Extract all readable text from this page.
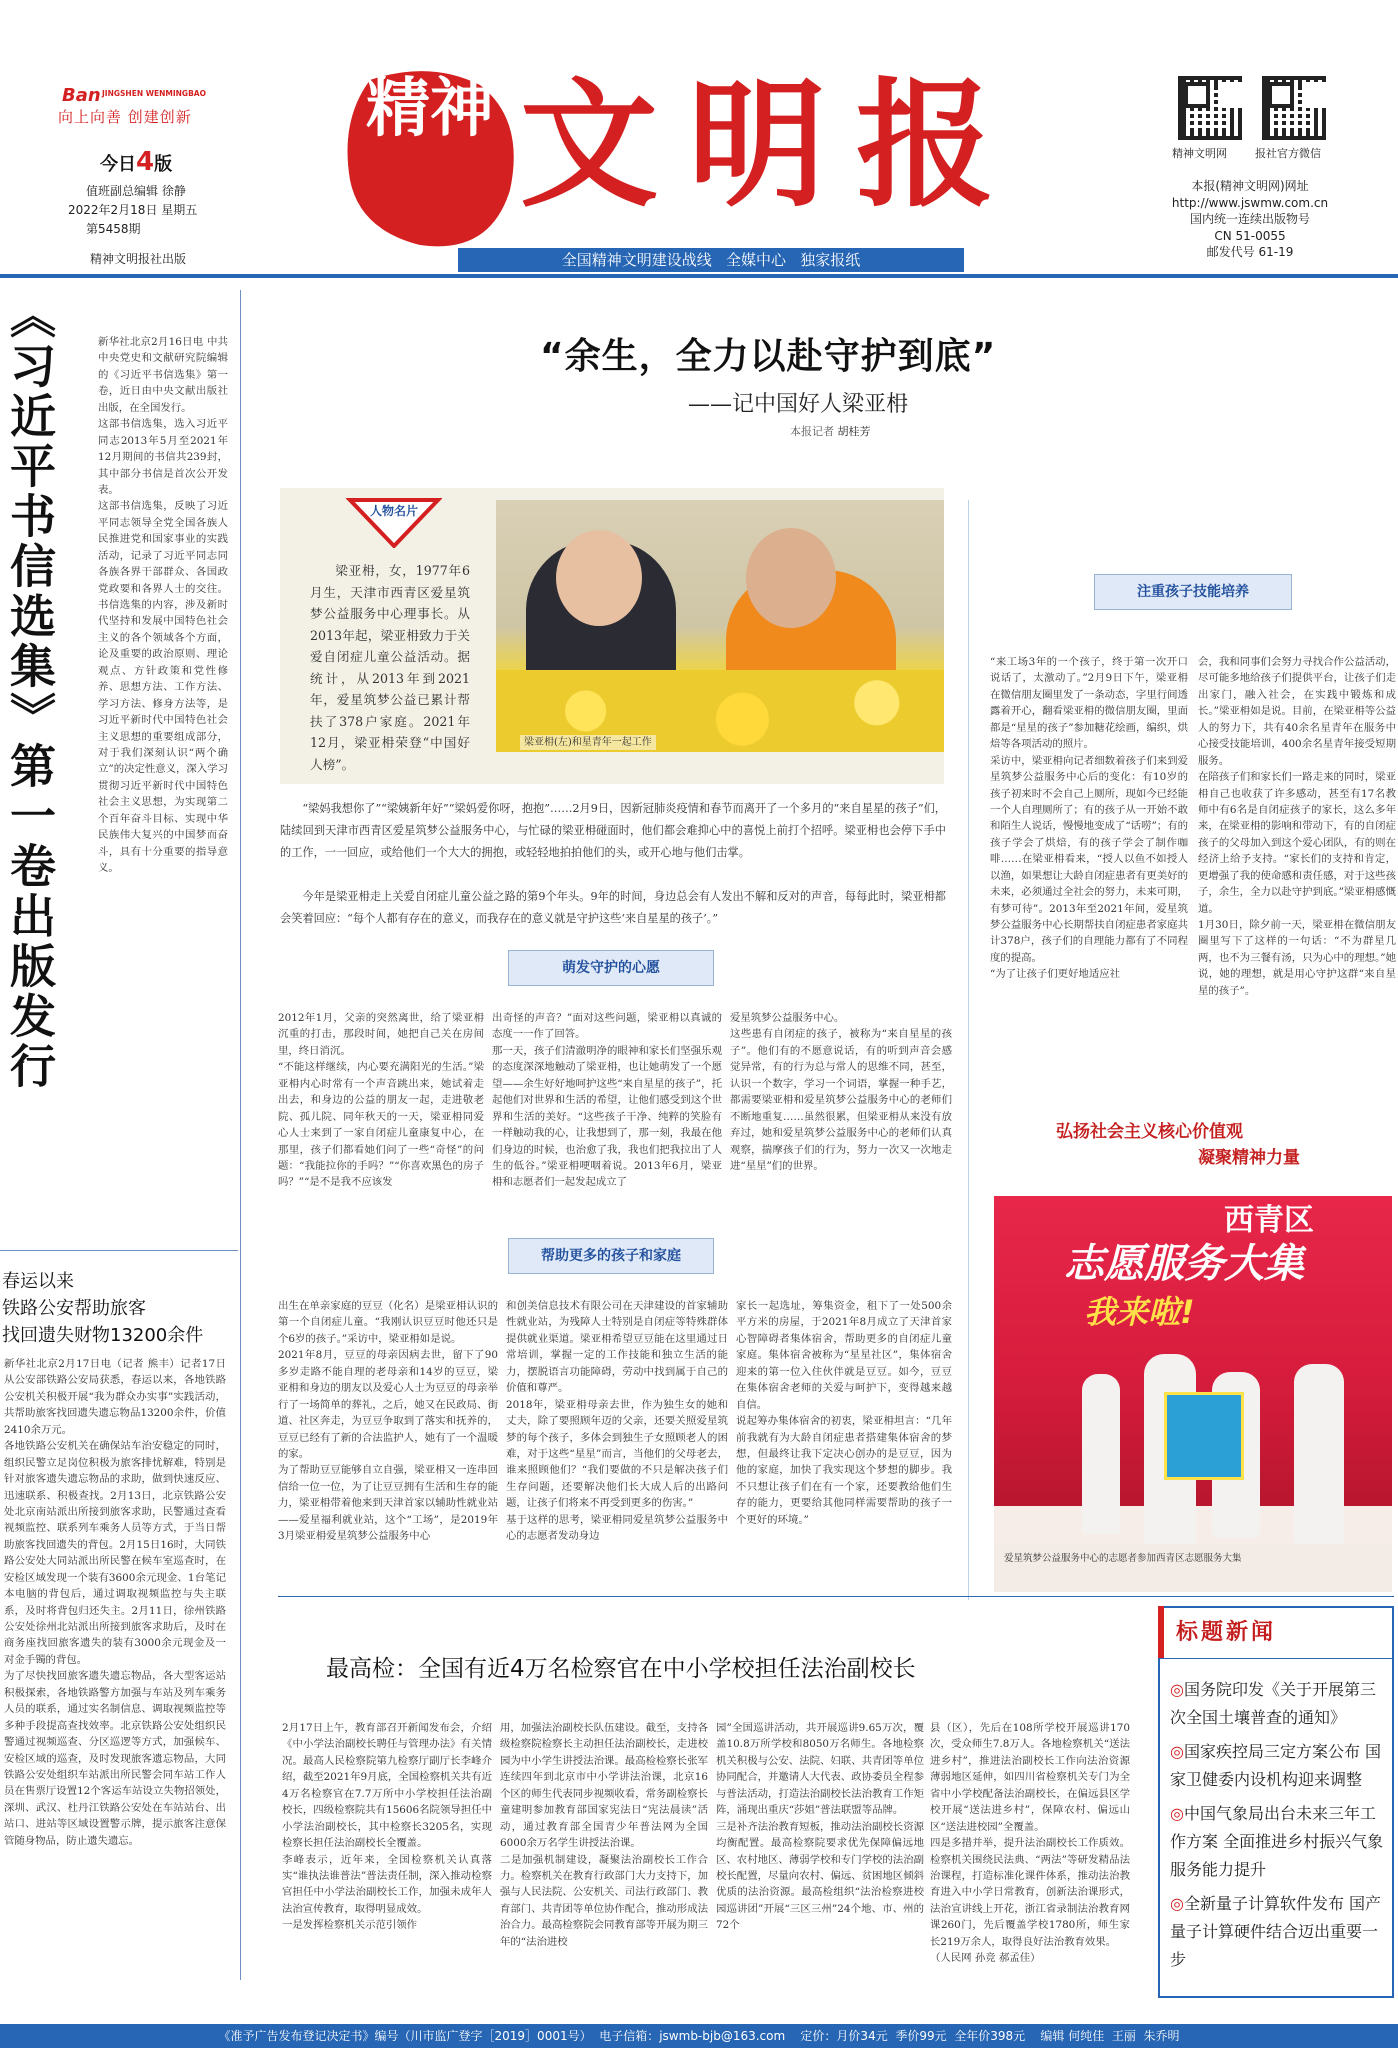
Ban JINGSHEN WENMINGBAO
向上向善 创建创新
今日4版
值班副总编辑 徐静
2022年2月18日 星期五
第5458期
精神文明报社出版
精神 文明报	精神文明网	报社官方微信
本报(精神文明网)网址
http://www.jswmw.com.cn
国内统一连续出版物号
CN 51-0055
邮发代号 61-19
全国精神文明建设战线   全媒中心   独家报纸
《习近平书信选集》第一卷出版发行	新华社北京2月16日电 中共中央党史和文献研究院编辑的《习近平书信选集》第一卷，近日由中央文献出版社出版，在全国发行。
这部书信选集，选入习近平同志2013年5月至2021年12月期间的书信共239封，其中部分书信是首次公开发表。
这部书信选集，反映了习近平同志领导全党全国各族人民推进党和国家事业的实践活动，记录了习近平同志同各族各界干部群众、各国政党政要和各界人士的交往。书信选集的内容，涉及新时代坚持和发展中国特色社会主义的各个领域各个方面，论及重要的政治原则、理论观点、方针政策和党性修养、思想方法、工作方法、学习方法、修身方法等，是习近平新时代中国特色社会主义思想的重要组成部分，对于我们深刻认识“两个确立”的决定性意义，深入学习贯彻习近平新时代中国特色社会主义思想，为实现第二个百年奋斗目标、实现中华民族伟大复兴的中国梦而奋斗，具有十分重要的指导意义。
春运以来
铁路公安帮助旅客
找回遗失财物13200余件
新华社北京2月17日电（记者 熊丰）记者17日从公安部铁路公安局获悉，春运以来，各地铁路公安机关积极开展“我为群众办实事”实践活动，共帮助旅客找回遗失遗忘物品13200余件，价值2410余万元。
各地铁路公安机关在确保站车治安稳定的同时，组织民警立足岗位积极为旅客排忧解难，特别是针对旅客遗失遗忘物品的求助，做到快速反应、迅速联系、积极查找。2月13日，北京铁路公安处北京南站派出所接到旅客求助，民警通过查看视频监控、联系列车乘务人员等方式，于当日帮助旅客找回遗失的背包。2月15日16时，大同铁路公安处大同站派出所民警在候车室巡查时，在安检区域发现一个装有3600余元现金、1台笔记本电脑的背包后，通过调取视频监控与失主联系，及时将背包归还失主。2月11日，徐州铁路公安处徐州北站派出所接到旅客求助后，及时在商务座找回旅客遗失的装有3000余元现金及一对金手镯的背包。
为了尽快找回旅客遗失遗忘物品，各大型客运站积极探索，各地铁路警方加强与车站及列车乘务人员的联系，通过实名制信息、调取视频监控等多种手段提高查找效率。北京铁路公安处组织民警通过视频巡查、分区巡逻等方式，加强候车、安检区域的巡查，及时发现旅客遗忘物品，大同铁路公安处组织车站派出所民警会同车站工作人员在售票厅设置12个客运车站设立失物招领处，深圳、武汉、杜丹江铁路公安处在车站站台、出站口、进站等区域设置警示牌，提示旅客注意保管随身物品，防止遗失遗忘。
“余生，全力以赴守护到底”
——记中国好人梁亚枏
本报记者 胡桂芳
人物名片
梁亚枏，女，1977年6月生，天津市西青区爱星筑梦公益服务中心理事长。从2013年起，梁亚枏致力于关爱自闭症儿童公益活动。据统计，从2013年到2021年，爱星筑梦公益已累计帮扶了378户家庭。2021年12月，梁亚枏荣登“中国好人榜”。
梁亚枏(左)和星青年一起工作
“梁妈我想你了”“梁姨新年好”“梁妈爱你呀，抱抱”……2月9日，因新冠肺炎疫情和春节而离开了一个多月的“来自星星的孩子”们，陆续回到天津市西青区爱星筑梦公益服务中心，与忙碌的梁亚枏碰面时，他们都会难抑心中的喜悦上前打个招呼。梁亚枏也会停下手中的工作，一一回应，或给他们一个大大的拥抱，或轻轻地拍拍他们的头，或开心地与他们击掌。
今年是梁亚枏走上关爱自闭症儿童公益之路的第9个年头。9年的时间，身边总会有人发出不解和反对的声音，每每此时，梁亚枏都会笑着回应：“每个人都有存在的意义，而我存在的意义就是守护这些‘来自星星的孩子’。”
萌发守护的心愿
2012年1月，父亲的突然离世，给了梁亚枏沉重的打击，那段时间，她把自己关在房间里，终日消沉。
“不能这样继续，内心要充满阳光的生活。”梁亚枏内心时常有一个声音跳出来，她试着走出去，和身边的公益的朋友一起，走进敬老院、孤儿院、同年秋天的一天，梁亚枏同爱心人士来到了一家自闭症儿童康复中心，在那里，孩子们都看她们问了一些“奇怪”的问题：“我能拉你的手吗？”“你喜欢黑色的房子吗？”“是不是我不应该发
出奇怪的声音？”面对这些问题，梁亚枏以真诚的态度一一作了回答。
那一天，孩子们清澈明净的眼神和家长们坚强乐观的态度深深地触动了梁亚枏，也让她萌发了一个愿望——余生好好地呵护这些“来自星星的孩子”，托起他们对世界和生活的希望，让他们感受到这个世界和生活的美好。“这些孩子干净、纯粹的笑脸有一样触动我的心，让我想到了，那一刻，我最在他们身边的时候，也治愈了我，我也们把我拉出了人生的低谷。”梁亚枏哽咽着说。2013年6月，梁亚枏和志愿者们一起发起成立了
爱星筑梦公益服务中心。
这些患有自闭症的孩子，被称为“来自星星的孩子”。他们有的不愿意说话，有的听到声音会感觉异常，有的行为总与常人的思维不同，甚至，认识一个数字，学习一个词语，掌握一种手艺，都需要梁亚枏和爱星筑梦公益服务中心的老师们不断地重复……虽然很累，但梁亚枏从来没有放弃过，她和爱星筑梦公益服务中心的老师们认真观察，揣摩孩子们的行为，努力一次又一次地走进“星星”们的世界。
帮助更多的孩子和家庭
出生在单亲家庭的豆豆（化名）是梁亚枏认识的第一个自闭症儿童。“我刚认识豆豆时他还只是个6岁的孩子。”采访中，梁亚枏如是说。
2021年8月，豆豆的母亲因病去世，留下了90多岁走路不能自理的老母亲和14岁的豆豆，梁亚枏和身边的朋友以及爱心人士为豆豆的母亲举行了一场简单的葬礼，之后，她又在民政局、街道、社区奔走，为豆豆争取到了落实和抚养的，豆豆已经有了新的合法监护人，她有了一个温暖的家。
为了帮助豆豆能够自立自强，梁亚枏又一连串回信给一位一位，为了让豆豆拥有生活和生存的能力，梁亚枏带着他来到天津首家以辅助性就业站——爱星福利就业站，这个“工场”，是2019年3月梁亚枏爱星筑梦公益服务中心
和创美信息技术有限公司在天津建设的首家辅助性就业站，为残障人士特别是自闭症等特殊群体提供就业渠道。梁亚枏希望豆豆能在这里通过日常培训，掌握一定的工作技能和独立生活的能力，摆脱语言功能障碍，劳动中找到属于自己的价值和尊严。
2018年，梁亚枏母亲去世，作为独生女的她和丈夫，除了要照顾年迈的父亲，还要关照爱星筑梦的每个孩子，多体会到独生子女照顾老人的困难，对于这些“星星”而言，当他们的父母老去，谁来照顾他们？“我们要做的不只是解决孩子们生存问题，还要解决他们长大成人后的出路问题，让孩子们将来不再受到更多的伤害。”
基于这样的思考，梁亚枏同爱星筑梦公益服务中心的志愿者发动身边
家长一起选址，筹集资金，租下了一处500余平方米的房屋，于2021年8月成立了天津首家心智障碍者集体宿舍，帮助更多的自闭症儿童家庭。集体宿舍被称为“星星社区”，集体宿舍迎来的第一位入住伙伴就是豆豆。如今，豆豆在集体宿舍老师的关爱与呵护下，变得越来越自信。
说起筹办集体宿舍的初衷，梁亚枏坦言：“几年前我就有为大龄自闭症患者搭建集体宿舍的梦想，但最终让我下定决心创办的是豆豆，因为他的家庭，加快了我实现这个梦想的脚步。我不只想让孩子们在有一个家，还要教给他们生存的能力，更要给其他同样需要帮助的孩子一个更好的环境。”
注重孩子技能培养
“来工场3年的一个孩子，终于第一次开口说话了，太激动了。”2月9日下午，梁亚枏在微信朋友圈里发了一条动态，字里行间透露着开心，翻看梁亚枏的微信朋友圈，里面都是“星星的孩子”参加糖花绘画，编织，烘焙等各项活动的照片。
采访中，梁亚枏向记者细数着孩子们来到爱星筑梦公益服务中心后的变化：有10岁的孩子初来时不会自己上厕所，现如今已经能一个人自理厕所了；有的孩子从一开始不敢和陌生人说话，慢慢地变成了“话唠”；有的孩子学会了烘焙，有的孩子学会了制作咖啡……在梁亚枏看来，“授人以鱼不如授人以渔，如果想让大龄自闭症患者有更美好的未来，必须通过全社会的努力，未来可期，有梦可待”。2013年至2021年间，爱星筑梦公益服务中心长期帮扶自闭症患者家庭共计378户，孩子们的自理能力都有了不同程度的提高。
“为了让孩子们更好地适应社
会，我和同事们会努力寻找合作公益活动，尽可能多地给孩子们提供平台，让孩子们走出家门，融入社会，在实践中锻炼和成长。”梁亚枏如是说。目前，在梁亚枏等公益人的努力下，共有40余名星青年在服务中心接受技能培训，400余名星青年接受短期服务。
在陪孩子们和家长们一路走来的同时，梁亚枏自己也收获了许多感动，甚至有17名教师中有6名是自闭症孩子的家长，这么多年来，在梁亚枏的影响和带动下，有的自闭症孩子的父母加入到这个爱心团队，有的则在经济上给予支持。“家长们的支持和肯定，更增强了我的使命感和责任感，对于这些孩子，余生，全力以赴守护到底。”梁亚枏感慨道。
1月30日，除夕前一天，梁亚枏在微信朋友圈里写下了这样的一句话：“不为群星几两，也不为三餐有汤，只为心中的理想。”她说，她的理想，就是用心守护这群“来自星星的孩子”。
弘扬社会主义核心价值观
凝聚精神力量
西青区
志愿服务大集
我来啦!
爱星筑梦公益服务中心的志愿者参加西青区志愿服务大集
最高检：全国有近4万名检察官在中小学校担任法治副校长
2月17日上午，教育部召开新闻发布会，介绍《中小学法治副校长聘任与管理办法》有关情况。最高人民检察院第九检察厅副厅长李峰介绍，截至2021年9月底，全国检察机关共有近4万名检察官在7.7万所中小学校担任法治副校长，四级检察院共有15606名院领导担任中小学法治副校长，其中检察长3205名，实现检察长担任法治副校长全覆盖。
李峰表示，近年来，全国检察机关认真落实“谁执法谁普法”普法责任制，深入推动检察官担任中小学法治副校长工作，加强未成年人法治宣传教育，取得明显成效。
一是发挥检察机关示范引领作
用，加强法治副校长队伍建设。截至，支持各级检察院检察长主动担任法治副校长，走进校园为中小学生讲授法治课。最高检检察长张军连续四年到北京市中小学讲法治课，北京16个区的师生代表同步视频收看，常务副检察长童建明参加教育部国家宪法日“宪法晨读”活动，通过教育部全国青少年普法网为全国6000余万名学生讲授法治课。
二是加强机制建设，凝聚法治副校长工作合力。检察机关在教育行政部门大力支持下，加强与人民法院、公安机关、司法行政部门、教育部门、共青团等单位协作配合，推动形成法治合力。最高检察院会同教育部等开展为期三年的“法治进校
园”全国巡讲活动，共开展巡讲9.65万次，覆盖10.8万所学校和8050万名师生。各地检察机关积极与公安、法院、妇联、共青团等单位协同配合，并邀请人大代表、政协委员全程参与普法活动，打造法治副校长法治教育工作矩阵，涌现出重庆“莎姐”普法联盟等品牌。
三是补齐法治教育短板，推动法治副校长资源均衡配置。最高检察院要求优先保障偏远地区、农村地区、薄弱学校和专门学校的法治副校长配置，尽量向农村、偏远、贫困地区倾斜优质的法治资源。最高检组织“法治检察进校园巡讲团”开展“三区三州”24个地、市、州的72个
县（区），先后在108所学校开展巡讲170次，受众师生7.8万人。各地检察机关“送法进乡村”，推进法治副校长工作向法治资源薄弱地区延伸，如四川省检察机关专门为全省中小学校配备法治副校长，在偏远县区学校开展“送法进乡村”，保障农村、偏远山区“送法进校园”全覆盖。
四是多措并举，提升法治副校长工作质效。检察机关围绕民法典、“两法”等研发精品法治课程，打造标准化课件体系，推动法治教育进入中小学日常教育，创新法治课形式，法治宣讲线上开花，浙江省录制法治教育网课260门，先后覆盖学校1780所，师生家长219万余人，取得良好法治教育效果。
（人民网 孙竞 郝孟佳）
标题新闻
◎国务院印发《关于开展第三次全国土壤普查的通知》
◎国家疾控局三定方案公布 国家卫健委内设机构迎来调整
◎中国气象局出台未来三年工作方案 全面推进乡村振兴气象服务能力提升
◎全新量子计算软件发布 国产量子计算硬件结合迈出重要一步
《准予广告发布登记决定书》编号（川市监广登字［2019］0001号）  电子信箱：jswmb-bjb@163.com    定价：月价34元  季价99元  全年价398元    编辑 何纯佳  王丽  朱乔明
